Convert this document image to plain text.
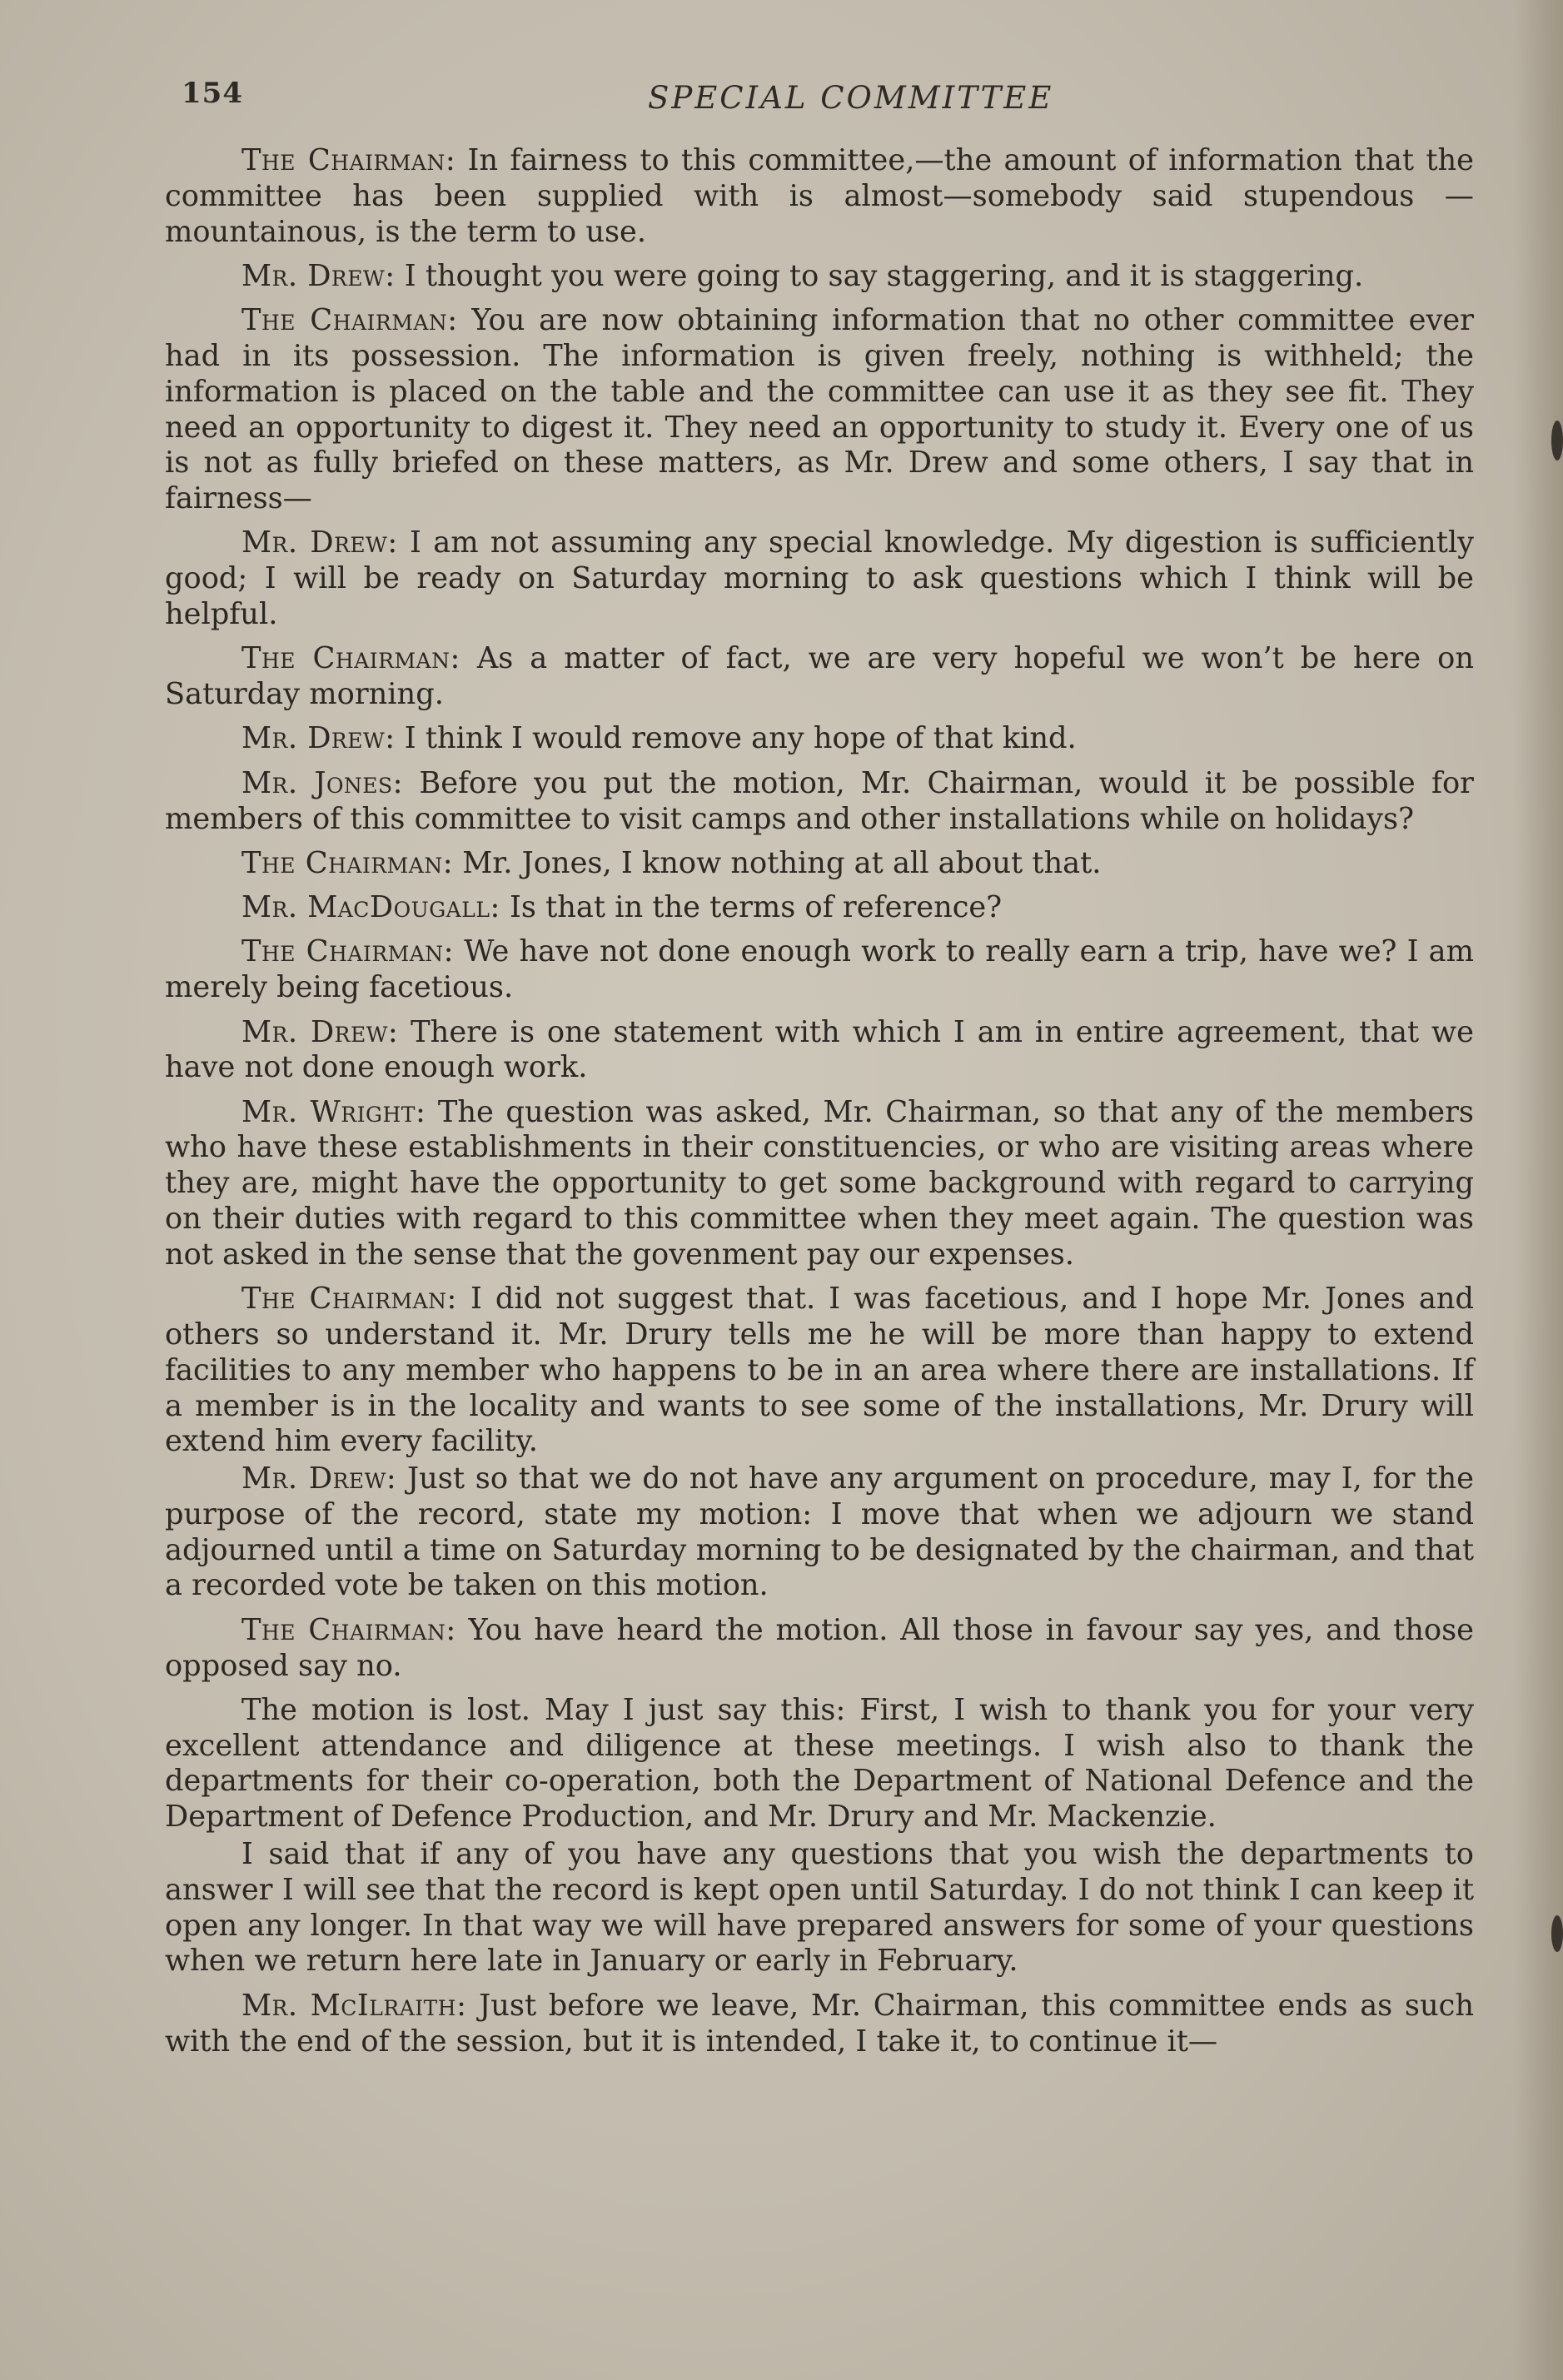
154	SPECIAL COMMITTEE

The Chairman: In fairness to this committee,—the amount of information that the committee has been supplied with is almost—somebody said stupendous —mountainous, is the term to use.

Mr. Drew: I thought you were going to say staggering, and it is staggering.

The Chairman: You are now obtaining information that no other committee ever had in its possession. The information is given freely, nothing is withheld; the information is placed on the table and the committee can use it as they see fit. They need an opportunity to digest it. They need an opportunity to study it. Every one of us is not as fully briefed on these matters, as Mr. Drew and some others, I say that in fairness—

Mr. Drew: I am not assuming any special knowledge. My digestion is sufficiently good; I will be ready on Saturday morning to ask questions which I think will be helpful.

The Chairman: As a matter of fact, we are very hopeful we won’t be here on Saturday morning.

Mr. Drew: I think I would remove any hope of that kind.

Mr. Jones: Before you put the motion, Mr. Chairman, would it be possible for members of this committee to visit camps and other installations while on holidays?

The Chairman: Mr. Jones, I know nothing at all about that.

Mr. MacDougall: Is that in the terms of reference?

The Chairman: We have not done enough work to really earn a trip, have we? I am merely being facetious.

Mr. Drew: There is one statement with which I am in entire agreement, that we have not done enough work.

Mr. Wright: The question was asked, Mr. Chairman, so that any of the members who have these establishments in their constituencies, or who are visiting areas where they are, might have the opportunity to get some background with regard to carrying on their duties with regard to this committee when they meet again. The question was not asked in the sense that the govenment pay our expenses.

The Chairman: I did not suggest that. I was facetious, and I hope Mr. Jones and others so understand it. Mr. Drury tells me he will be more than happy to extend facilities to any member who happens to be in an area where there are installations. If a member is in the locality and wants to see some of the installations, Mr. Drury will extend him every facility.

Mr. Drew: Just so that we do not have any argument on procedure, may I, for the purpose of the record, state my motion: I move that when we adjourn we stand adjourned until a time on Saturday morning to be designated by the chairman, and that a recorded vote be taken on this motion.

The Chairman: You have heard the motion. All those in favour say yes, and those opposed say no.

The motion is lost. May I just say this: First, I wish to thank you for your very excellent attendance and diligence at these meetings. I wish also to thank the departments for their co-operation, both the Department of National Defence and the Department of Defence Production, and Mr. Drury and Mr. Mackenzie.

I said that if any of you have any questions that you wish the departments to answer I will see that the record is kept open until Saturday. I do not think I can keep it open any longer. In that way we will have prepared answers for some of your questions when we return here late in January or early in February.

Mr. McIlraith: Just before we leave, Mr. Chairman, this committee ends as such with the end of the session, but it is intended, I take it, to continue it—
